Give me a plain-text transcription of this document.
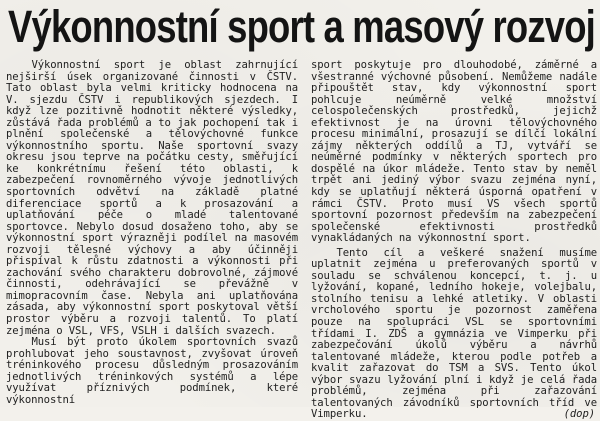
Výkonnostní sport a masový rozvoj

Výkonnostní sport je oblast zahrnující nejširší úsek organizované činnosti v ČSTV. Tato oblast byla velmi kriticky hodnocena na V. sjezdu ČSTV i republikových sjezdech. I když lze pozitivně hodnotit některé výsledky, zůstává řada problémů a to jak pochopení tak i plnění společenské a tělovýchovné funkce výkonnostního sportu. Naše sportovní svazy okresu jsou teprve na počátku cesty, směřující ke konkrétnímu řešení této oblasti, k zabezpečení rovnoměrného vývoje jednotlivých sportovních odvětví na základě platné diferenciace sportů a k prosazování a uplatňování péče o mladé talentované sportovce. Nebylo dosud dosaženo toho, aby se výkonnostní sport výrazněji podílel na masovém rozvoji tělesné výchovy a aby účinněji přispíval k růstu zdatnosti a výkonnosti při zachování svého charakteru dobrovolné, zájmové činnosti, odehrávající se převážně v mimopracovním čase. Nebyla ani uplatňována zásada, aby výkonnostní sport poskytoval větší prostor výběru a rozvoji talentů. To platí zejména o VSL, VFS, VSLH i dalších svazech.

Musí být proto úkolem sportovních svazů prohlubovat jeho soustavnost, zvyšovat úroveň tréninkového procesu důsledným prosazováním jednotlivých tréninkových systémů a lépe využívat příznivých podmínek, které výkonnostní

sport poskytuje pro dlouhodobé, záměrné a všestranné výchovné působení. Nemůžeme nadále připouštět stav, kdy výkonnostní sport pohlcuje neúměrně velké množství celospolečenských prostředků, jejichž efektivnost je na úrovni tělovýchovného procesu minimální, prosazují se dílčí lokální zájmy některých oddílů a TJ, vytváří se neúměrné podmínky v některých sportech pro dospělé na úkor mládeže. Tento stav by neměl trpět ani jediný výbor svazu zejména nyní, kdy se uplatňují některá úsporná opatření v rámci ČSTV. Proto musí VS všech sportů sportovní pozornost především na zabezpečení společenské efektivnosti prostředků vynakládaných na výkonnostní sport.

Tento cíl a veškeré snažení musíme uplatnit zejména u preferovaných sportů v souladu se schválenou koncepcí, t. j. u lyžování, kopané, ledního hokeje, volejbalu, stolního tenisu a lehké atletiky. V oblasti vrcholového sportu je pozornost zaměřena pouze na spolupráci VSL se sportovními třídami I. ZDŠ a gymnázia ve Vimperku při zabezpečování úkolů výběru a návrhů talentované mládeže, kterou podle potřeb a kvalit zařazovat do TSM a SVS. Tento úkol výbor svazu lyžování plní i když je celá řada problémů, zejména při zařazování talentovaných závodníků sportovních tříd ve Vimperku.	(dop)
